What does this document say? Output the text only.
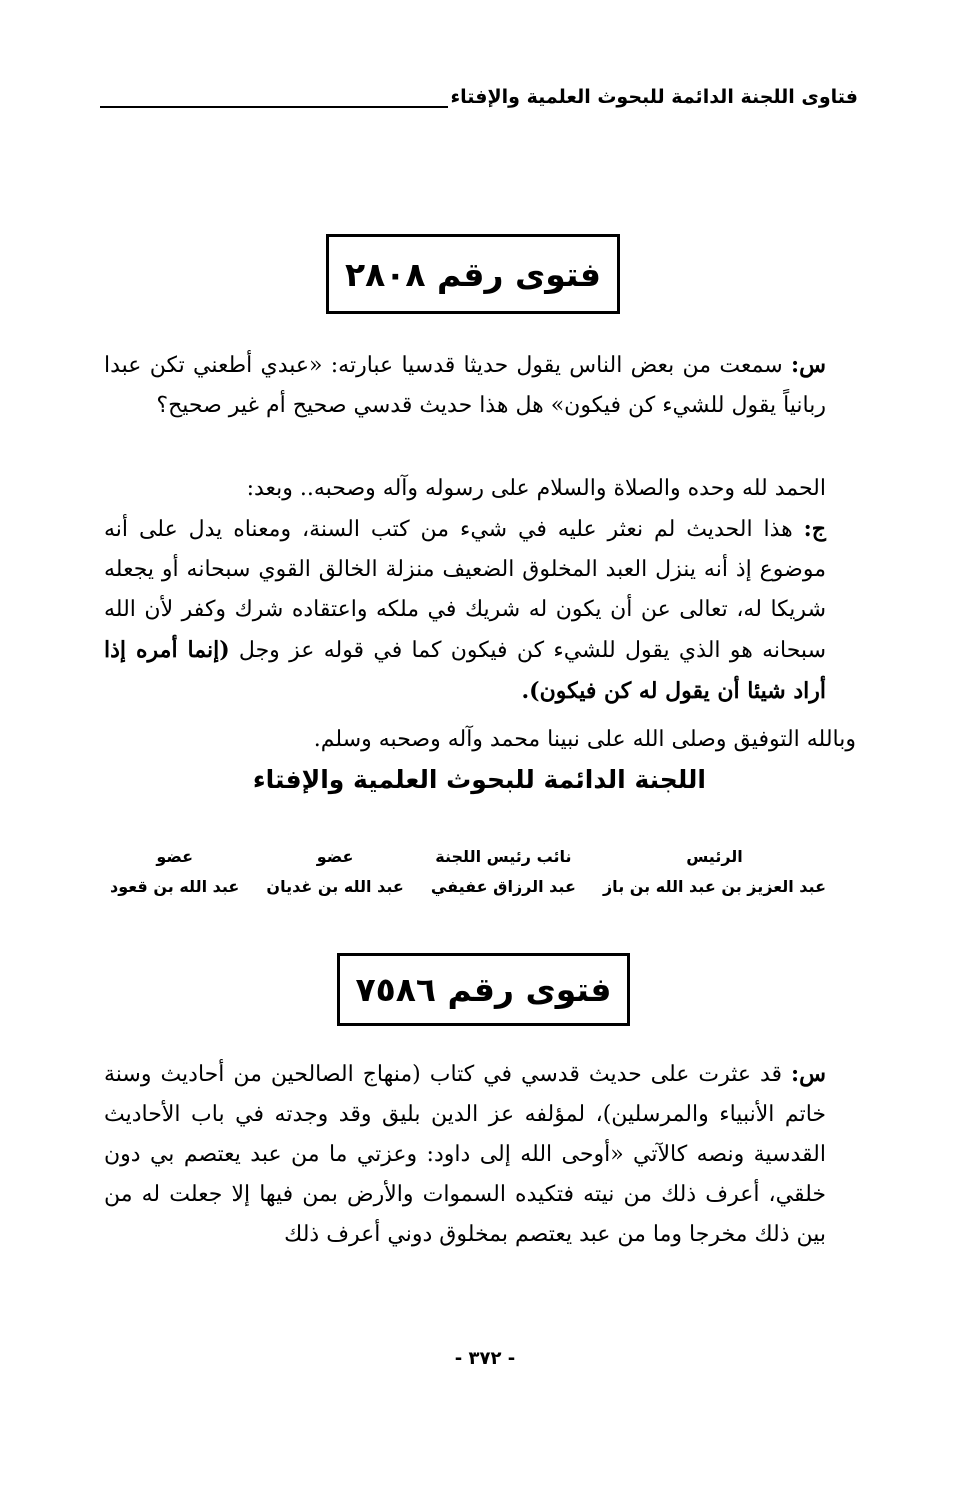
فتاوى اللجنة الدائمة للبحوث العلمية والإفتاء
فتوى رقم ٢٨٠٨

س: سمعت من بعض الناس يقول حديثا قدسيا عبارته: «عبدي أطعني تكن عبدا ربانياً يقول للشيء كن فيكون» هل هذا حديث قدسي صحيح أم غير صحيح؟

الحمد لله وحده والصلاة والسلام على رسوله وآله وصحبه.. وبعد:

ج: هذا الحديث لم نعثر عليه في شيء من كتب السنة، ومعناه يدل على أنه موضوع إذ أنه ينزل العبد المخلوق الضعيف منزلة الخالق القوي سبحانه أو يجعله شريكا له، تعالى عن أن يكون له شريك في ملكه واعتقاده شرك وكفر لأن الله سبحانه هو الذي يقول للشيء كن فيكون كما في قوله عز وجل (إنما أمره إذا أراد شيئا أن يقول له كن فيكون).

وبالله التوفيق وصلى الله على نبينا محمد وآله وصحبه وسلم.
اللجنة الدائمة للبحوث العلمية والإفتاء
الرئيس
عبد العزيز بن عبد الله بن باز
نائب رئيس اللجنة
عبد الرزاق عفيفي
عضو
عبد الله بن غديان
عضو
عبد الله بن قعود
فتوى رقم ٧٥٨٦

س: قد عثرت على حديث قدسي في كتاب (منهاج الصالحين من أحاديث وسنة خاتم الأنبياء والمرسلين)، لمؤلفه عز الدين بليق وقد وجدته في باب الأحاديث القدسية ونصه كالآتي «أوحى الله إلى داود: وعزتي ما من عبد يعتصم بي دون خلقي، أعرف ذلك من نيته فتكيده السموات والأرض بمن فيها إلا جعلت له من بين ذلك مخرجا وما من عبد يعتصم بمخلوق دوني أعرف ذلك

- ٣٧٢ -
